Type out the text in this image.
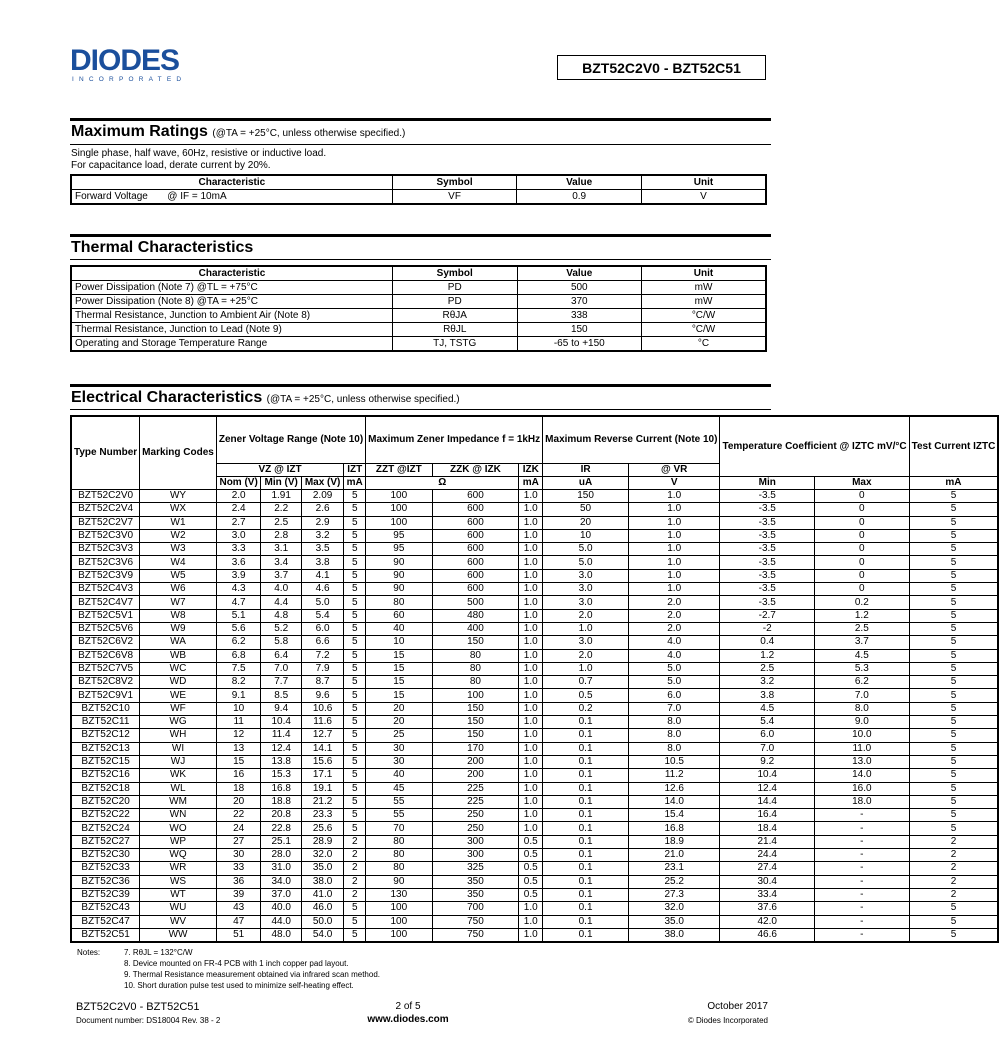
DIODES
INCORPORATED
BZT52C2V0 - BZT52C51
Maximum Ratings (@TA = +25°C, unless otherwise specified.)
Single phase, half wave, 60Hz, resistive or inductive load.
For capacitance load, derate current by 20%.
Characteristic	Symbol	Value	Unit
Forward Voltage @ IF = 10mA	VF	0.9	V
Thermal Characteristics
Characteristic	Symbol	Value	Unit
Power Dissipation (Note 7) @TL = +75°C	PD	500	mW
Power Dissipation (Note 8) @TA = +25°C	PD	370	mW
Thermal Resistance, Junction to Ambient Air (Note 8)	RθJA	338	°C/W
Thermal Resistance, Junction to Lead (Note 9)	RθJL	150	°C/W
Operating and Storage Temperature Range	TJ, TSTG	-65 to +150	°C
Electrical Characteristics (@TA = +25°C, unless otherwise specified.)
Type Number	Marking Codes	Zener Voltage Range (Note 10)				Maximum Zener Impedance f = 1kHz			Maximum Reverse Current (Note 10)		Temperature Coefficient @ IZTC mV/°C		Test Current IZTC
		VZ @ IZT			IZT	ZZT @IZT	ZZK @ IZK	IZK	IR	@ VR			
		Nom (V)	Min (V)	Max (V)	mA	Ω		mA	uA	V	Min	Max	mA
BZT52C2V0	WY	2.0	1.91	2.09	5	100	600	1.0	150	1.0	-3.5	0	5
BZT52C2V4	WX	2.4	2.2	2.6	5	100	600	1.0	50	1.0	-3.5	0	5
BZT52C2V7	W1	2.7	2.5	2.9	5	100	600	1.0	20	1.0	-3.5	0	5
BZT52C3V0	W2	3.0	2.8	3.2	5	95	600	1.0	10	1.0	-3.5	0	5
BZT52C3V3	W3	3.3	3.1	3.5	5	95	600	1.0	5.0	1.0	-3.5	0	5
BZT52C3V6	W4	3.6	3.4	3.8	5	90	600	1.0	5.0	1.0	-3.5	0	5
BZT52C3V9	W5	3.9	3.7	4.1	5	90	600	1.0	3.0	1.0	-3.5	0	5
BZT52C4V3	W6	4.3	4.0	4.6	5	90	600	1.0	3.0	1.0	-3.5	0	5
BZT52C4V7	W7	4.7	4.4	5.0	5	80	500	1.0	3.0	2.0	-3.5	0.2	5
BZT52C5V1	W8	5.1	4.8	5.4	5	60	480	1.0	2.0	2.0	-2.7	1.2	5
BZT52C5V6	W9	5.6	5.2	6.0	5	40	400	1.0	1.0	2.0	-2	2.5	5
BZT52C6V2	WA	6.2	5.8	6.6	5	10	150	1.0	3.0	4.0	0.4	3.7	5
BZT52C6V8	WB	6.8	6.4	7.2	5	15	80	1.0	2.0	4.0	1.2	4.5	5
BZT52C7V5	WC	7.5	7.0	7.9	5	15	80	1.0	1.0	5.0	2.5	5.3	5
BZT52C8V2	WD	8.2	7.7	8.7	5	15	80	1.0	0.7	5.0	3.2	6.2	5
BZT52C9V1	WE	9.1	8.5	9.6	5	15	100	1.0	0.5	6.0	3.8	7.0	5
BZT52C10	WF	10	9.4	10.6	5	20	150	1.0	0.2	7.0	4.5	8.0	5
BZT52C11	WG	11	10.4	11.6	5	20	150	1.0	0.1	8.0	5.4	9.0	5
BZT52C12	WH	12	11.4	12.7	5	25	150	1.0	0.1	8.0	6.0	10.0	5
BZT52C13	WI	13	12.4	14.1	5	30	170	1.0	0.1	8.0	7.0	11.0	5
BZT52C15	WJ	15	13.8	15.6	5	30	200	1.0	0.1	10.5	9.2	13.0	5
BZT52C16	WK	16	15.3	17.1	5	40	200	1.0	0.1	11.2	10.4	14.0	5
BZT52C18	WL	18	16.8	19.1	5	45	225	1.0	0.1	12.6	12.4	16.0	5
BZT52C20	WM	20	18.8	21.2	5	55	225	1.0	0.1	14.0	14.4	18.0	5
BZT52C22	WN	22	20.8	23.3	5	55	250	1.0	0.1	15.4	16.4	-	5
BZT52C24	WO	24	22.8	25.6	5	70	250	1.0	0.1	16.8	18.4	-	5
BZT52C27	WP	27	25.1	28.9	2	80	300	0.5	0.1	18.9	21.4	-	2
BZT52C30	WQ	30	28.0	32.0	2	80	300	0.5	0.1	21.0	24.4	-	2
BZT52C33	WR	33	31.0	35.0	2	80	325	0.5	0.1	23.1	27.4	-	2
BZT52C36	WS	36	34.0	38.0	2	90	350	0.5	0.1	25.2	30.4	-	2
BZT52C39	WT	39	37.0	41.0	2	130	350	0.5	0.1	27.3	33.4	-	2
BZT52C43	WU	43	40.0	46.0	5	100	700	1.0	0.1	32.0	37.6	-	5
BZT52C47	WV	47	44.0	50.0	5	100	750	1.0	0.1	35.0	42.0	-	5
BZT52C51	WW	51	48.0	54.0	5	100	750	1.0	0.1	38.0	46.6	-	5
Notes:	7. RθJL = 132°C/W
8. Device mounted on FR-4 PCB with 1 inch copper pad layout.
9. Thermal Resistance measurement obtained via infrared scan method.
10. Short duration pulse test used to minimize self-heating effect.
BZT52C2V0 - BZT52C51
Document number: DS18004 Rev. 38 - 2
2 of 5
www.diodes.com
October 2017
© Diodes Incorporated
